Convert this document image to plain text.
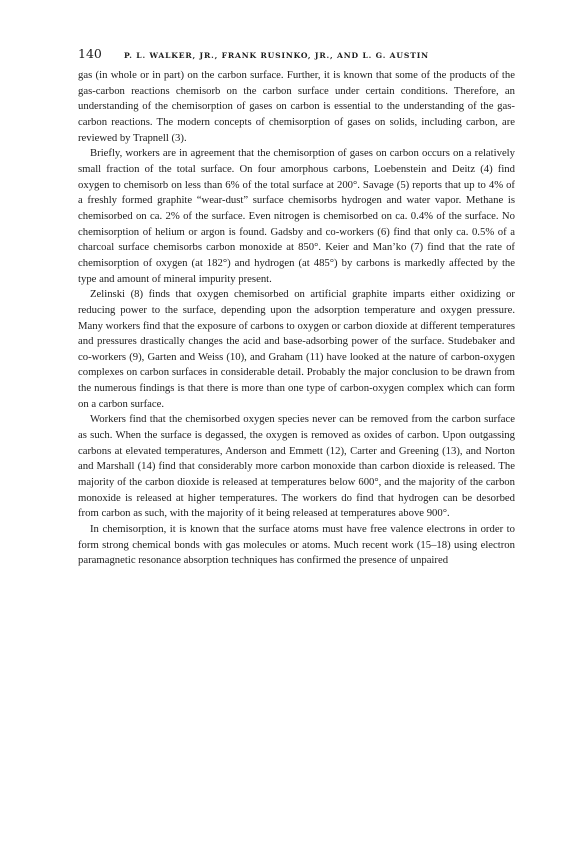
140	P. L. WALKER, JR., FRANK RUSINKO, JR., AND L. G. AUSTIN

gas (in whole or in part) on the carbon surface. Further, it is known that some of the products of the gas-carbon reactions chemisorb on the carbon surface under certain conditions. Therefore, an understanding of the chemisorption of gases on carbon is essential to the understanding of the gas-carbon reactions. The modern concepts of chemisorption of gases on solids, including carbon, are reviewed by Trapnell (3).

Briefly, workers are in agreement that the chemisorption of gases on carbon occurs on a relatively small fraction of the total surface. On four amorphous carbons, Loebenstein and Deitz (4) find oxygen to chemisorb on less than 6% of the total surface at 200°. Savage (5) reports that up to 4% of a freshly formed graphite “wear-dust” surface chemisorbs hydrogen and water vapor. Methane is chemisorbed on ca. 2% of the surface. Even nitrogen is chemisorbed on ca. 0.4% of the surface. No chemisorption of helium or argon is found. Gadsby and co-workers (6) find that only ca. 0.5% of a charcoal surface chemisorbs carbon monoxide at 850°. Keier and Man’ko (7) find that the rate of chemisorption of oxygen (at 182°) and hydrogen (at 485°) by carbons is markedly affected by the type and amount of mineral impurity present.

Zelinski (8) finds that oxygen chemisorbed on artificial graphite imparts either oxidizing or reducing power to the surface, depending upon the adsorption temperature and oxygen pressure. Many workers find that the exposure of carbons to oxygen or carbon dioxide at different temperatures and pressures drastically changes the acid and base-adsorbing power of the surface. Studebaker and co-workers (9), Garten and Weiss (10), and Graham (11) have looked at the nature of carbon-oxygen complexes on carbon surfaces in considerable detail. Probably the major conclusion to be drawn from the numerous findings is that there is more than one type of carbon-oxygen complex which can form on a carbon surface.

Workers find that the chemisorbed oxygen species never can be removed from the carbon surface as such. When the surface is degassed, the oxygen is removed as oxides of carbon. Upon outgassing carbons at elevated temperatures, Anderson and Emmett (12), Carter and Greening (13), and Norton and Marshall (14) find that considerably more carbon monoxide than carbon dioxide is released. The majority of the carbon dioxide is released at temperatures below 600°, and the majority of the carbon monoxide is released at higher temperatures. The workers do find that hydrogen can be desorbed from carbon as such, with the majority of it being released at temperatures above 900°.

In chemisorption, it is known that the surface atoms must have free valence electrons in order to form strong chemical bonds with gas molecules or atoms. Much recent work (15–18) using electron paramagnetic resonance absorption techniques has confirmed the presence of unpaired
